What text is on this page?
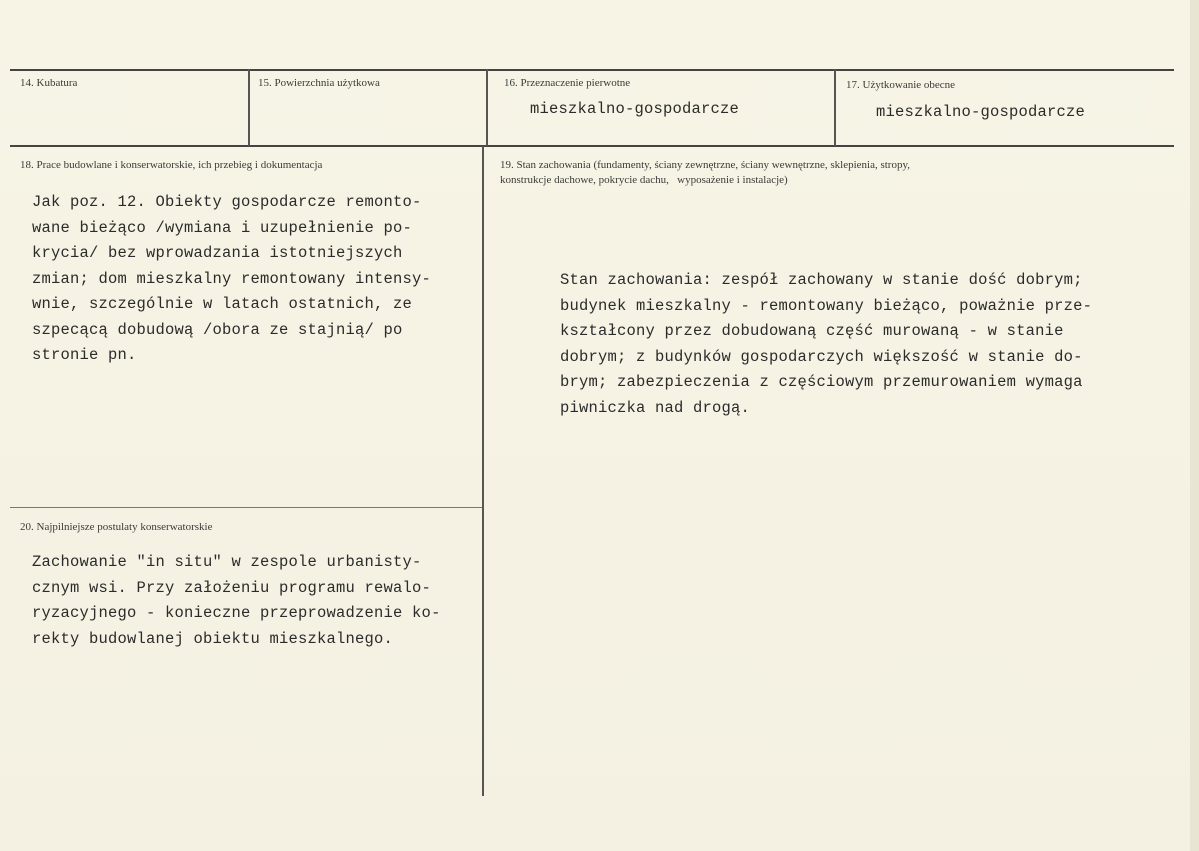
14. Kubatura	15. Powierzchnia użytkowa	16. Przeznaczenie pierwotne
mieszkalno-gospodarcze
17. Użytkowanie obecne
mieszkalno-gospodarcze
18. Prace budowlane i konserwatorskie, ich przebieg i dokumentacja
Jak poz. 12. Obiekty gospodarcze remonto-
wane bieżąco /wymiana i uzupełnienie po-
krycia/ bez wprowadzania istotniejszych
zmian; dom mieszkalny remontowany intensy-
wnie, szczególnie w latach ostatnich, ze
szpecącą dobudową /obora ze stajnią/ po
stronie pn.
19. Stan zachowania (fundamenty, ściany zewnętrzne, ściany wewnętrzne, sklepienia, stropy,
konstrukcje dachowe, pokrycie dachu,   wyposażenie i instalacje)
Stan zachowania: zespół zachowany w stanie dość dobrym;
budynek mieszkalny - remontowany bieżąco, poważnie prze-
kształcony przez dobudowaną część murowaną - w stanie
dobrym; z budynków gospodarczych większość w stanie do-
brym; zabezpieczenia z częściowym przemurowaniem wymaga
piwniczka nad drogą.
20. Najpilniejsze postulaty konserwatorskie
Zachowanie "in situ" w zespole urbanisty-
cznym wsi. Przy założeniu programu rewalo-
ryzacyjnego - konieczne przeprowadzenie ko-
rekty budowlanej obiektu mieszkalnego.
